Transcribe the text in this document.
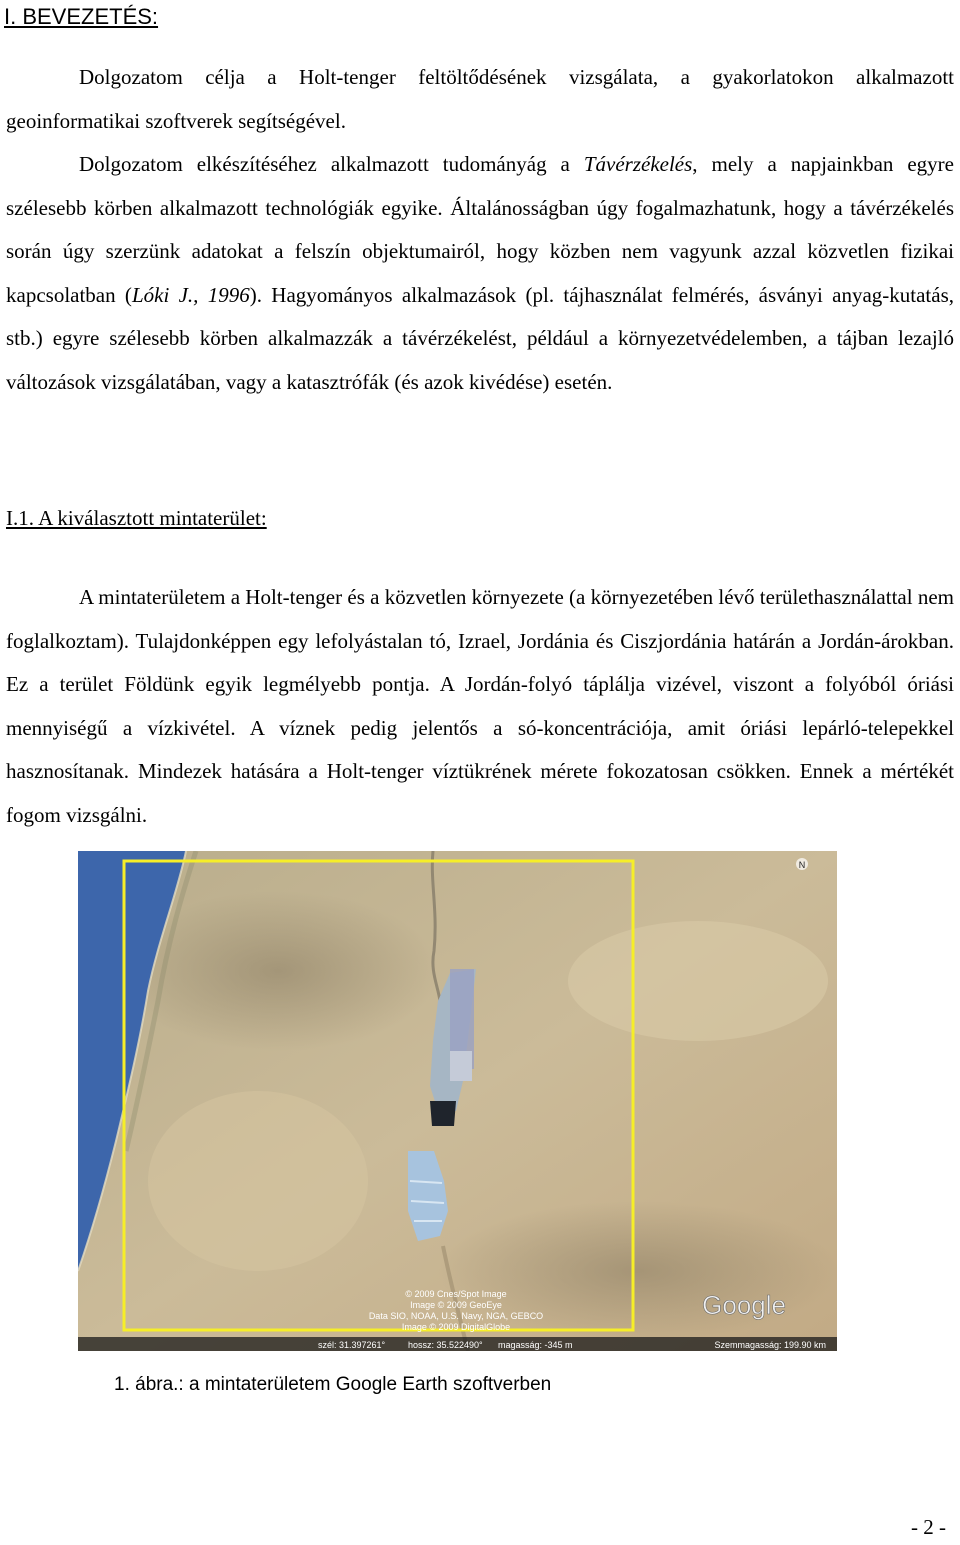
I. BEVEZETÉS:

Dolgozatom célja a Holt-tenger feltöltődésének vizsgálata, a gyakorlatokon alkalmazott geoinformatikai szoftverek segítségével.

Dolgozatom elkészítéséhez alkalmazott tudományág a Távérzékelés, mely a napjainkban egyre szélesebb körben alkalmazott technológiák egyike. Általánosságban úgy fogalmazhatunk, hogy a távérzékelés során úgy szerzünk adatokat a felszín objektumairól, hogy közben nem vagyunk azzal közvetlen fizikai kapcsolatban (Lóki J., 1996). Hagyományos alkalmazások (pl. tájhasználat felmérés, ásványi anyag-kutatás, stb.) egyre szélesebb körben alkalmazzák a távérzékelést, például a környezetvédelemben, a tájban lezajló változások vizsgálatában, vagy a katasztrófák (és azok kivédése) esetén.

I.1. A kiválasztott mintaterület:

A mintaterületem a Holt-tenger és a közvetlen környezete (a környezetében lévő területhasználattal nem foglalkoztam). Tulajdonképpen egy lefolyástalan tó, Izrael, Jordánia és Ciszjordánia határán a Jordán-árokban. Ez a terület Földünk egyik legmélyebb pontja. A Jordán-folyó táplálja vizével, viszont a folyóból óriási mennyiségű a vízkivétel. A víznek pedig jelentős a só-koncentrációja, amit óriási lepárló-telepekkel hasznosítanak. Mindezek hatására a Holt-tenger víztükrének mérete fokozatosan csökken. Ennek a mértékét fogom vizsgálni.

N
© 2009 Cnes/Spot Image
Image © 2009 GeoEye
Data SIO, NOAA, U.S. Navy, NGA, GEBCO
Image © 2009 DigitalGlobe
Google
szél: 31.397261°	hossz: 35.522490° magasság: -345 m	Szemmagasság: 199.90 km

1. ábra.: a mintaterületem Google Earth szoftverben

- 2 -
